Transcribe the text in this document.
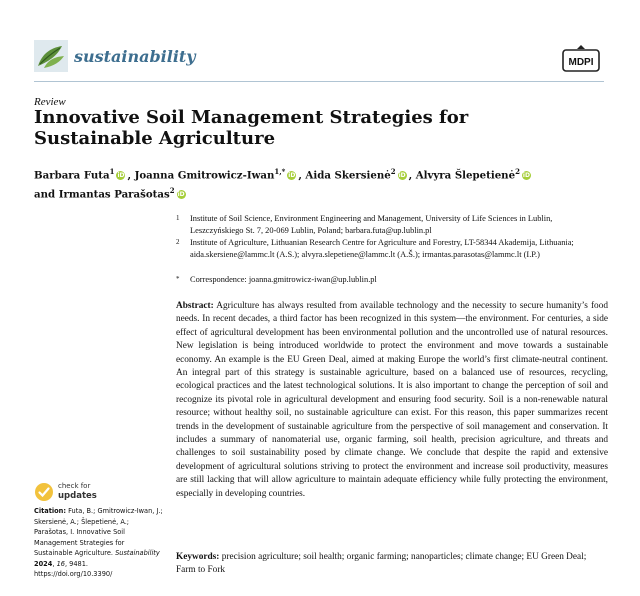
sustainability	MDPI
Review
Innovative Soil Management Strategies for Sustainable Agriculture
Barbara Futa$^1$ iD , Joanna Gmitrowicz-Iwan$^{1,*}$ iD , Aida Skersienė$^2$ iD , Alvyra Šlepetienė$^2$ iD
and Irmantas Parašotas$^2$ iD
1 Institute of Soil Science, Environment Engineering and Management, University of Life Sciences in Lublin, Leszczyńskiego St. 7, 20-069 Lublin, Poland; barbara.futa@up.lublin.pl
2 Institute of Agriculture, Lithuanian Research Centre for Agriculture and Forestry, LT-58344 Akademija, Lithuania; aida.skersiene@lammc.lt (A.S.); alvyra.slepetiene@lammc.lt (A.Š.); irmantas.parasotas@lammc.lt (I.P.)
* Correspondence: joanna.gmitrowicz-iwan@up.lublin.pl
Abstract: Agriculture has always resulted from available technology and the necessity to secure humanity’s food needs. In recent decades, a third factor has been recognized in this system—the environment. For centuries, a side effect of agricultural development has been environmental pollution and the uncontrolled use of natural resources. New legislation is being introduced worldwide to protect the environment and move towards a sustainable economy. An example is the EU Green Deal, aimed at making Europe the world’s first climate-neutral continent. An integral part of this strategy is sustainable agriculture, based on a balanced use of resources, recycling, ecological practices and the latest technological solutions. It is also important to change the perception of soil and recognize its pivotal role in agricultural development and ensuring food security. Soil is a non-renewable natural resource; without healthy soil, no sustainable agriculture can exist. For this reason, this paper summarizes recent trends in the development of sustainable agriculture from the perspective of soil management and conservation. It includes a summary of nanomaterial use, organic farming, soil health, precision agriculture, and threats and challenges to soil sustainability posed by climate change. We conclude that despite the rapid and extensive development of agricultural solutions striving to protect the environment and increase soil productivity, measures are still lacking that will allow agriculture to maintain adequate efficiency while fully protecting the environment, especially in developing countries.
Keywords: precision agriculture; soil health; organic farming; nanoparticles; climate change; EU Green Deal; Farm to Fork
check for
updates
Citation: Futa, B.; Gmitrowicz-Iwan, J.; Skersienė, A.; Šlepetienė, A.; Parašotas, I. Innovative Soil Management Strategies for Sustainable Agriculture. Sustainability 2024, 16, 9481.
https://doi.org/10.3390/
